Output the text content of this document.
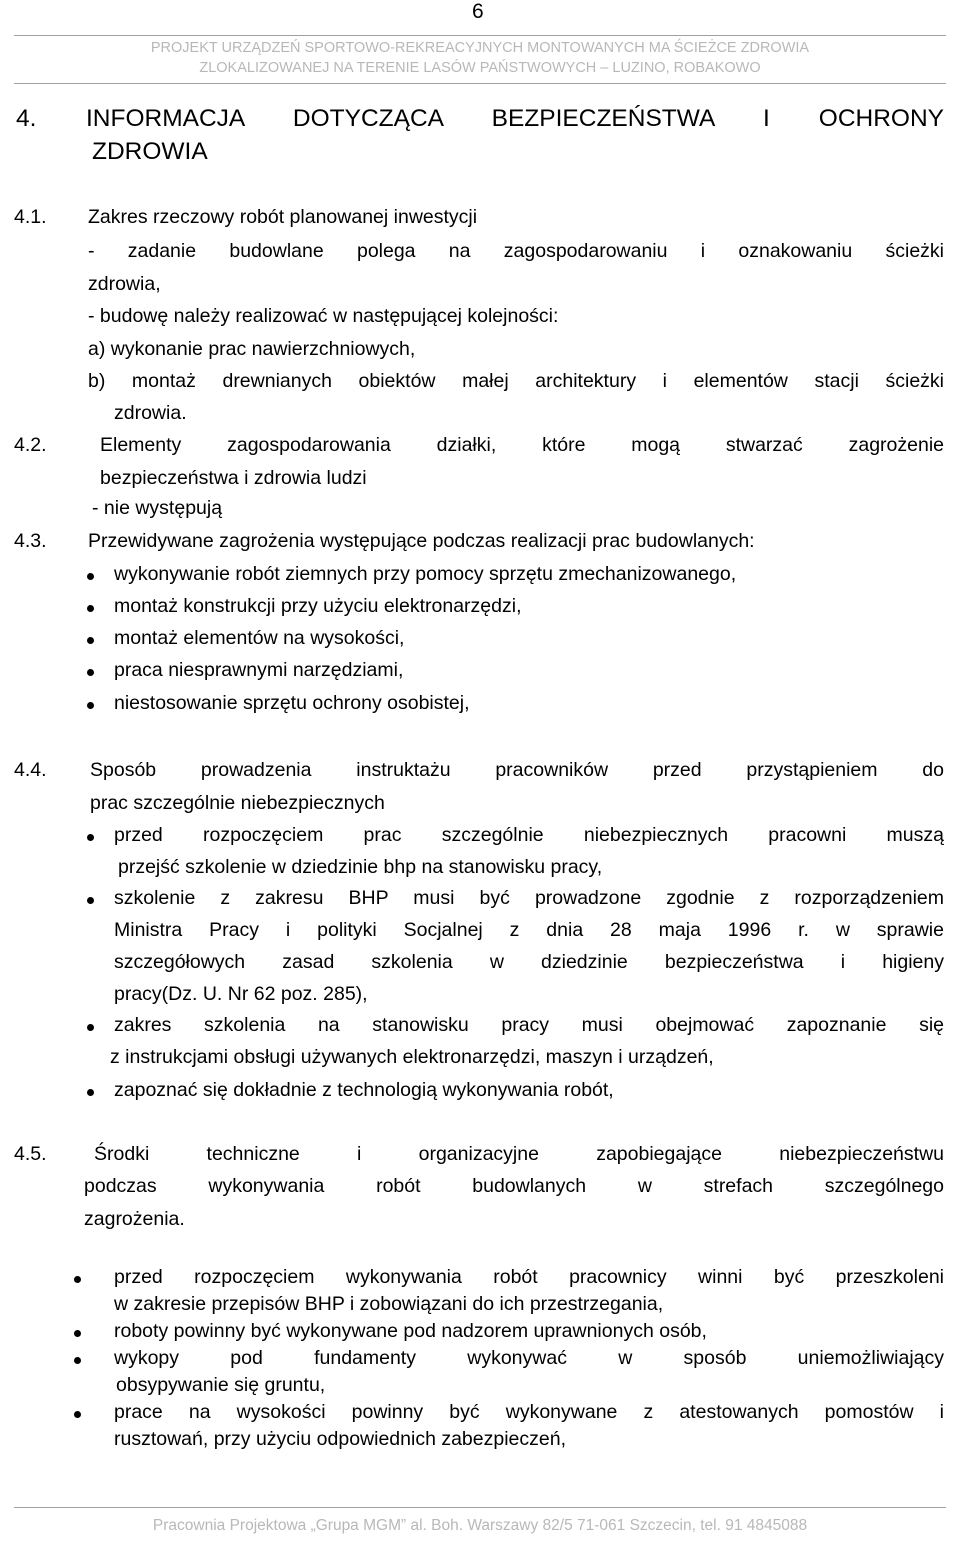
6
PROJEKT URZĄDZEŃ SPORTOWO-REKREACYJNYCH MONTOWANYCH MA ŚCIEŻCE ZDROWIA
ZLOKALIZOWANEJ NA TERENIE LASÓW PAŃSTWOWYCH – LUZINO, ROBAKOWO
4. INFORMACJA DOTYCZĄCA BEZPIECZEŃSTWA I OCHRONY
ZDROWIA
4.1. Zakres rzeczowy robót planowanej inwestycji
- zadanie budowlane polega na zagospodarowaniu i oznakowaniu ścieżki
zdrowia,
- budowę należy realizować w następującej kolejności:
a) wykonanie prac nawierzchniowych,
b) montaż drewnianych obiektów małej architektury i elementów stacji ścieżki
zdrowia.
4.2.	Elementy zagospodarowania działki, które mogą stwarzać zagrożenie
bezpieczeństwa i zdrowia ludzi
- nie występują
4.3. Przewidywane zagrożenia występujące podczas realizacji prac budowlanych:
wykonywanie robót ziemnych przy pomocy sprzętu zmechanizowanego,
montaż konstrukcji przy użyciu elektronarzędzi,
montaż elementów na wysokości,
praca niesprawnymi narzędziami,
niestosowanie sprzętu ochrony osobistej,
4.4. Sposób prowadzenia instruktażu pracowników przed przystąpieniem do
prac szczególnie niebezpiecznych
przed rozpoczęciem prac szczególnie niebezpiecznych pracowni muszą
przejść szkolenie w dziedzinie bhp na stanowisku pracy,
szkolenie z zakresu BHP musi być prowadzone zgodnie z rozporządzeniem
Ministra Pracy i polityki Socjalnej z dnia 28 maja 1996 r. w sprawie
szczegółowych zasad szkolenia w dziedzinie bezpieczeństwa i higieny
pracy(Dz. U. Nr 62 poz. 285),
zakres szkolenia na stanowisku pracy musi obejmować zapoznanie się
z instrukcjami obsługi używanych elektronarzędzi, maszyn i urządzeń,
zapoznać się dokładnie z technologią wykonywania robót,
4.5. Środki techniczne i organizacyjne zapobiegające niebezpieczeństwu
podczas wykonywania robót budowlanych w strefach szczególnego
zagrożenia.
przed rozpoczęciem wykonywania robót pracownicy winni być przeszkoleni
w zakresie przepisów BHP i zobowiązani do ich przestrzegania,
roboty powinny być wykonywane pod nadzorem uprawnionych osób,
wykopy pod fundamenty wykonywać w sposób uniemożliwiający
obsypywanie się gruntu,
prace na wysokości powinny być wykonywane z atestowanych pomostów i
rusztowań, przy użyciu odpowiednich zabezpieczeń,
Pracownia Projektowa „Grupa MGM” al. Boh. Warszawy 82/5 71-061 Szczecin, tel. 91 4845088
